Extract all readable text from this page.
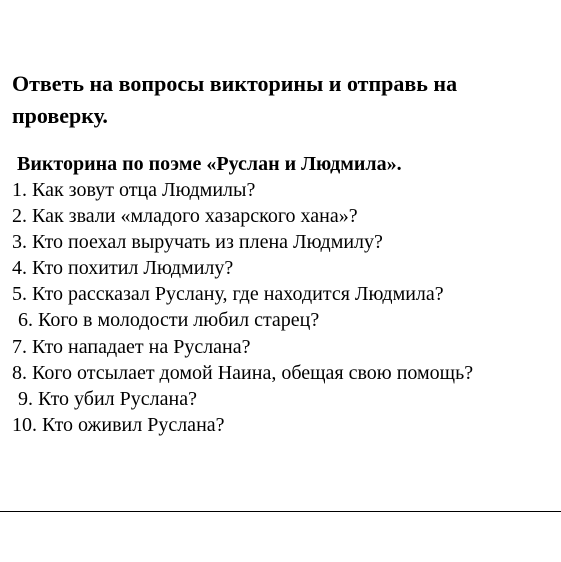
Ответь на вопросы викторины и отправь на проверку.

Викторина по поэме «Руслан и Людмила».

1. Как зовут отца Людмилы?
2. Как звали «младого хазарского хана»?
3. Кто поехал выручать из плена Людмилу?
4. Кто похитил Людмилу?
5. Кто рассказал Руслану, где находится Людмила?
6. Кого в молодости любил старец?
7. Кто нападает на Руслана?
8. Кого отсылает домой Наина, обещая свою помощь?
9. Кто убил Руслана?
10. Кто оживил Руслана?
